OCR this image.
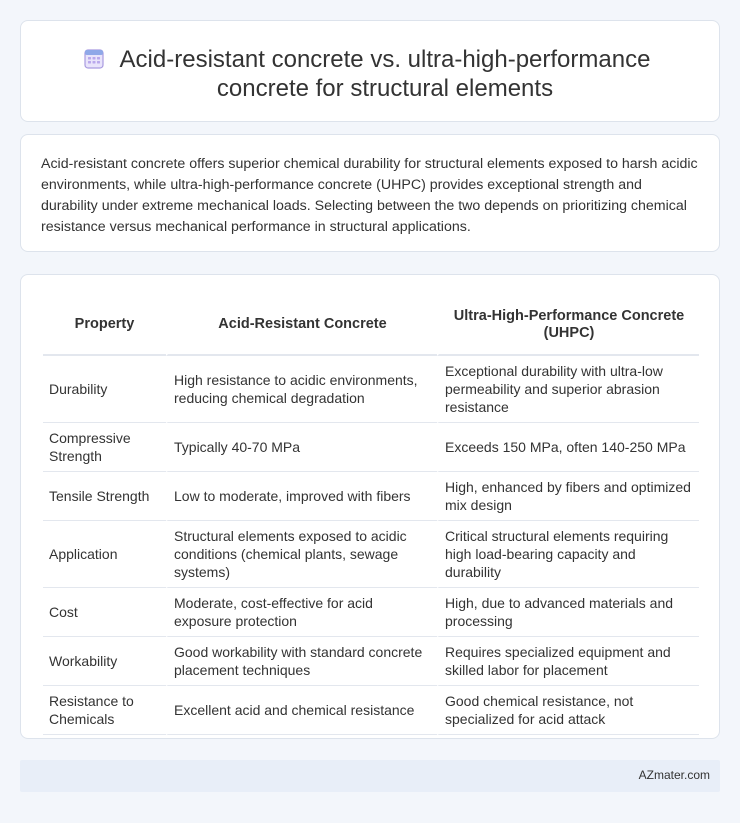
Acid-resistant concrete vs. ultra-high-performance concrete for structural elements

Acid-resistant concrete offers superior chemical durability for structural elements exposed to harsh acidic environments, while ultra-high-performance concrete (UHPC) provides exceptional strength and durability under extreme mechanical loads. Selecting between the two depends on prioritizing chemical resistance versus mechanical performance in structural applications.

Property	Acid-Resistant Concrete	Ultra-High-Performance Concrete (UHPC)
Durability	High resistance to acidic environments, reducing chemical degradation	Exceptional durability with ultra-low permeability and superior abrasion resistance
Compressive Strength	Typically 40-70 MPa	Exceeds 150 MPa, often 140-250 MPa
Tensile Strength	Low to moderate, improved with fibers	High, enhanced by fibers and optimized mix design
Application	Structural elements exposed to acidic conditions (chemical plants, sewage systems)	Critical structural elements requiring high load-bearing capacity and durability
Cost	Moderate, cost-effective for acid exposure protection	High, due to advanced materials and processing
Workability	Good workability with standard concrete placement techniques	Requires specialized equipment and skilled labor for placement
Resistance to Chemicals	Excellent acid and chemical resistance	Good chemical resistance, not specialized for acid attack
AZmater.com
